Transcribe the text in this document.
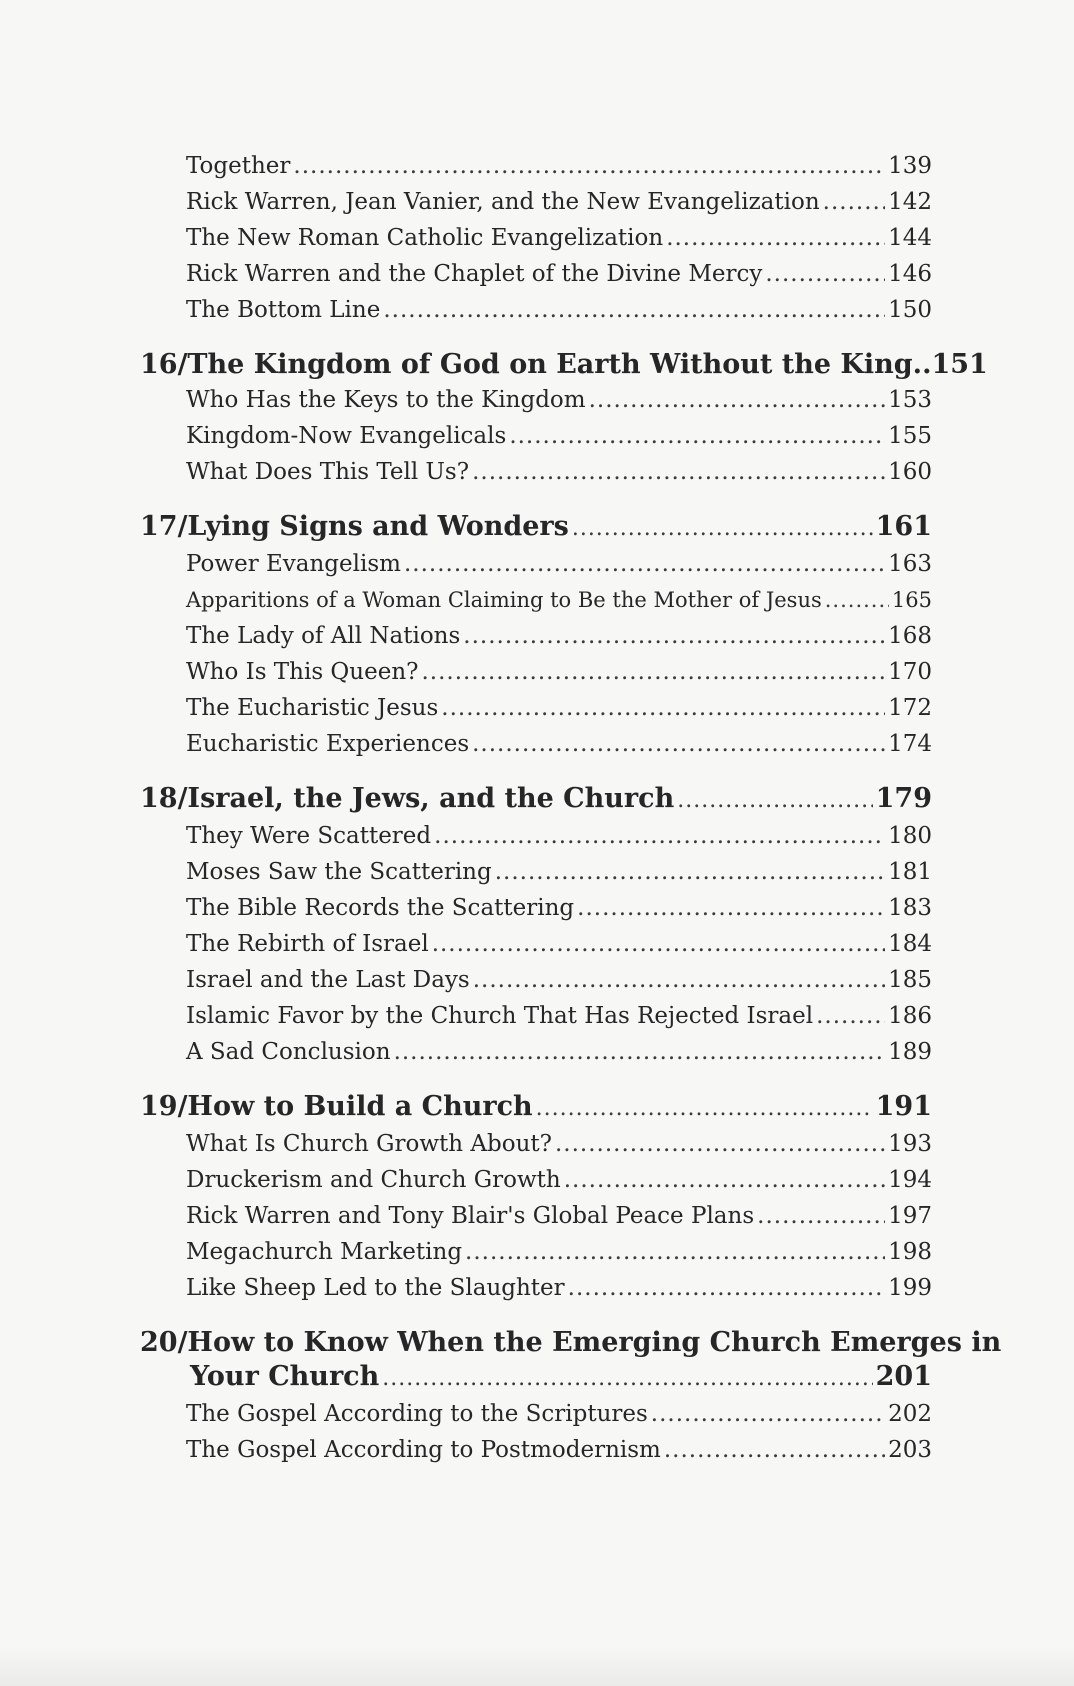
Together .....	139
Rick Warren, Jean Vanier, and the New Evangelization .....	142
The New Roman Catholic Evangelization .....	144
Rick Warren and the Chaplet of the Divine Mercy .....	146
The Bottom Line .....	150
16/The Kingdom of God on Earth Without the King.. 151
Who Has the Keys to the Kingdom .....	153
Kingdom-Now Evangelicals .....	155
What Does This Tell Us? .....	160
17/Lying Signs and Wonders .....	161
Power Evangelism .....	163
Apparitions of a Woman Claiming to Be the Mother of Jesus .....	165
The Lady of All Nations .....	168
Who Is This Queen? .....	170
The Eucharistic Jesus .....	172
Eucharistic Experiences .....	174
18/Israel, the Jews, and the Church .....	179
They Were Scattered .....	180
Moses Saw the Scattering .....	181
The Bible Records the Scattering .....	183
The Rebirth of Israel .....	184
Israel and the Last Days .....	185
Islamic Favor by the Church That Has Rejected Israel .....	186
A Sad Conclusion .....	189
19/How to Build a Church .....	191
What Is Church Growth About? .....	193
Druckerism and Church Growth .....	194
Rick Warren and Tony Blair's Global Peace Plans .....	197
Megachurch Marketing .....	198
Like Sheep Led to the Slaughter .....	199
20/How to Know When the Emerging Church Emerges in
Your Church .....	201
The Gospel According to the Scriptures .....	202
The Gospel According to Postmodernism .....	203
